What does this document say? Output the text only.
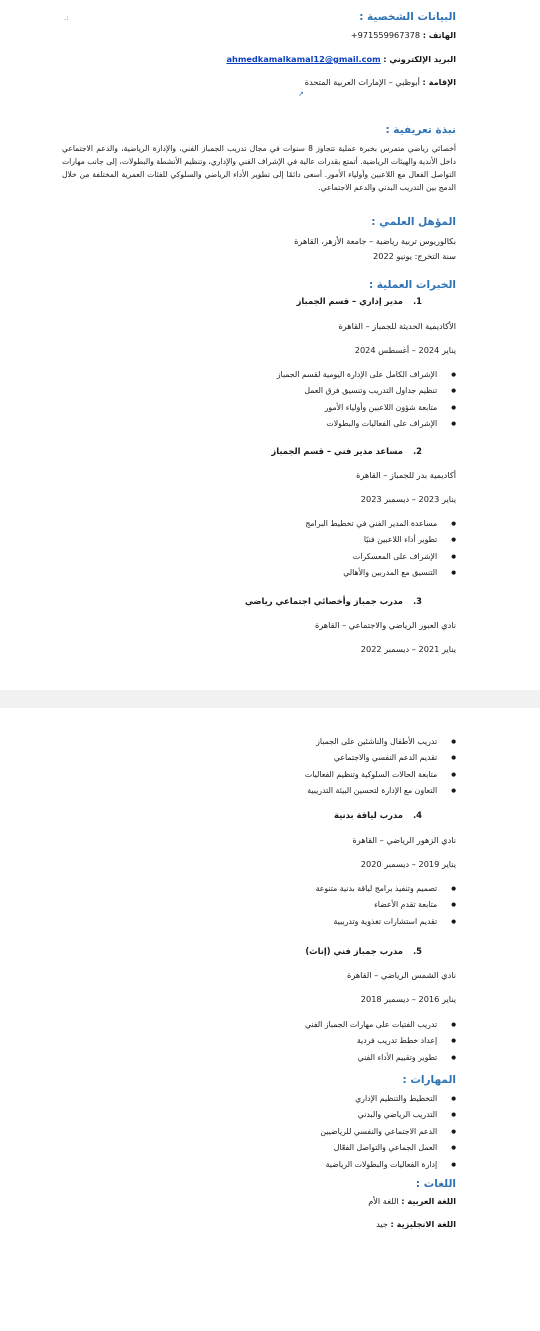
:.	البيانات الشخصية :
الهاتف : +971559967378
البريد الإلكتروني : ahmedkamalkamal12@gmail.com
الإقامة : أبوظبي – الإمارات العربية المتحدة
↗
نبذة تعريفية :
أخصائي رياضي متمرس بخبرة عملية تتجاوز 8 سنوات في مجال تدريب الجمباز الفني، والإدارة الرياضية، والدعم الاجتماعي داخل الأندية والهيئات الرياضية. أتمتع بقدرات عالية في الإشراف الفني والإداري، وتنظيم الأنشطة والبطولات، إلى جانب مهارات التواصل الفعال مع اللاعبين وأولياء الأمور. أسعى دائمًا إلى تطوير الأداء الرياضي والسلوكي للفئات العمرية المختلفة من خلال الدمج بين التدريب البدني والدعم الاجتماعي.
المؤهل العلمي :
بكالوريوس تربية رياضية – جامعة الأزهر، القاهرة
سنة التخرج: يونيو 2022
الخبرات العملية :
1.مدير إداري – قسم الجمباز
الأكاديمية الحديثة للجمباز – القاهرة
يناير 2024 – أغسطس 2024
● الإشراف الكامل على الإدارة اليومية لقسم الجمباز
● تنظيم جداول التدريب وتنسيق فرق العمل
● متابعة شؤون اللاعبين وأولياء الأمور
● الإشراف على الفعاليات والبطولات
2.مساعد مدير فني – قسم الجمباز
أكاديمية بدر للجمباز – القاهرة
يناير 2023 – ديسمبر 2023
● مساعدة المدير الفني في تخطيط البرامج
● تطوير أداء اللاعبين فنيًا
● الإشراف على المعسكرات
● التنسيق مع المدربين والأهالي
3.مدرب جمباز وأخصائي اجتماعي رياضي
نادي العبور الرياضي والاجتماعي – القاهرة
يناير 2021 – ديسمبر 2022
● تدريب الأطفال والناشئين على الجمباز
● تقديم الدعم النفسي والاجتماعي
● متابعة الحالات السلوكية وتنظيم الفعاليات
● التعاون مع الإدارة لتحسين البيئة التدريبية
4.مدرب لياقة بدنية
نادي الزهور الرياضي – القاهرة
يناير 2019 – ديسمبر 2020
● تصميم وتنفيذ برامج لياقة بدنية متنوعة
● متابعة تقدم الأعضاء
● تقديم استشارات تغذوية وتدريبية
5.مدرب جمباز فني (إناث)
نادي الشمس الرياضي – القاهرة
يناير 2016 – ديسمبر 2018
● تدريب الفتيات على مهارات الجمباز الفني
● إعداد خطط تدريب فردية
● تطوير وتقييم الأداء الفني
المهارات :
● التخطيط والتنظيم الإداري
● التدريب الرياضي والبدني
● الدعم الاجتماعي والنفسي للرياضيين
● العمل الجماعي والتواصل الفعّال
● إدارة الفعاليات والبطولات الرياضية
اللغات :
اللغة العربية : اللغة الأم
اللغة الانجليزية : جيد
